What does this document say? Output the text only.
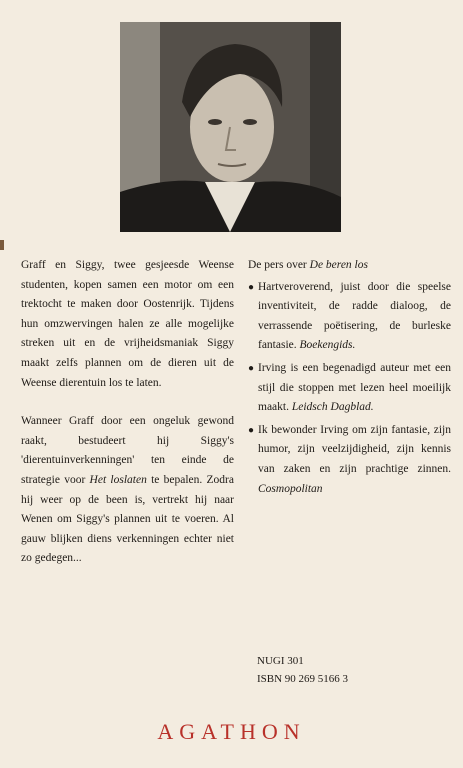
Graff en Siggy, twee gesjeesde Weense studenten, kopen samen een motor om een trektocht te maken door Oostenrijk. Tijdens hun omzwervingen halen ze alle mogelijke streken uit en de vrijheidsmaniak Siggy maakt zelfs plannen om de dieren uit de Weense dierentuin los te laten.

Wanneer Graff door een ongeluk gewond raakt, bestudeert hij Siggy's 'dierentuinverkenningen' ten einde de strategie voor Het loslaten te bepalen. Zodra hij weer op de been is, vertrekt hij naar Wenen om Siggy's plannen uit te voeren. Al gauw blijken diens verkenningen echter niet zo gedegen...

De pers over De beren los
● Hartveroverend, juist door die speelse inventiviteit, de radde dialoog, de verrassende poëtisering, de burleske fantasie. Boekengids.
● Irving is een begenadigd auteur met een stijl die stoppen met lezen heel moeilijk maakt. Leidsch Dagblad.
● Ik bewonder Irving om zijn fantasie, zijn humor, zijn veelzijdigheid, zijn kennis van zaken en zijn prachtige zinnen. Cosmopolitan
NUGI 301
ISBN 90 269 5166 3
AGATHON
